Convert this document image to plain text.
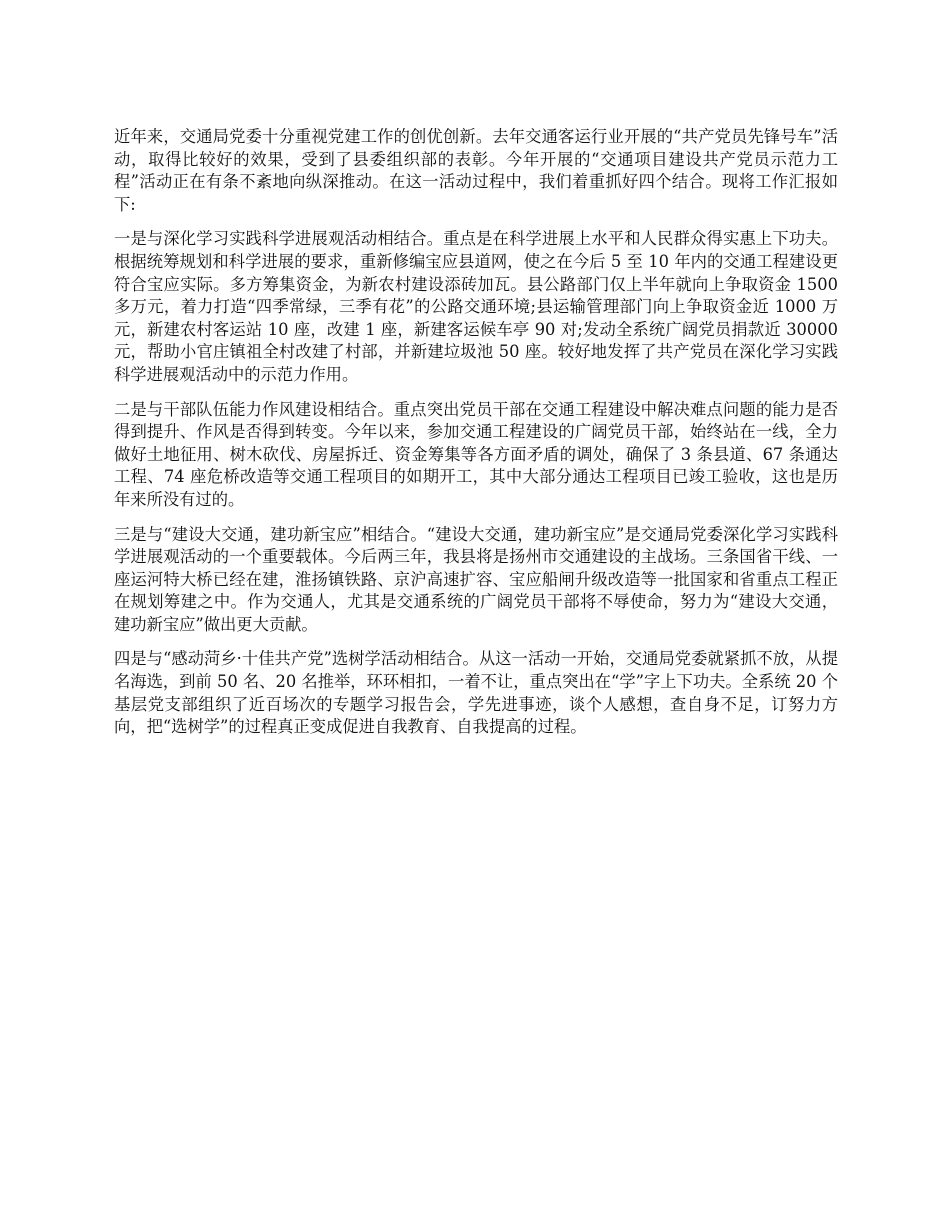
近年来，交通局党委十分重视党建工作的创优创新。去年交通客运行业开展的“共产党员先锋号车”活动，取得比较好的效果，受到了县委组织部的表彰。今年开展的“交通项目建设共产党员示范力工程”活动正在有条不紊地向纵深推动。在这一活动过程中，我们着重抓好四个结合。现将工作汇报如下:

一是与深化学习实践科学进展观活动相结合。重点是在科学进展上水平和人民群众得实惠上下功夫。根据统筹规划和科学进展的要求，重新修编宝应县道网，使之在今后 5 至 10 年内的交通工程建设更符合宝应实际。多方筹集资金，为新农村建设添砖加瓦。县公路部门仅上半年就向上争取资金 1500 多万元，着力打造“四季常绿，三季有花”的公路交通环境;县运输管理部门向上争取资金近 1000 万元，新建农村客运站 10 座，改建 1 座，新建客运候车亭 90 对;发动全系统广阔党员捐款近 30000 元，帮助小官庄镇祖全村改建了村部，并新建垃圾池 50 座。较好地发挥了共产党员在深化学习实践科学进展观活动中的示范力作用。

二是与干部队伍能力作风建设相结合。重点突出党员干部在交通工程建设中解决难点问题的能力是否得到提升、作风是否得到转变。今年以来，参加交通工程建设的广阔党员干部，始终站在一线，全力做好土地征用、树木砍伐、房屋拆迁、资金筹集等各方面矛盾的调处，确保了 3 条县道、67 条通达工程、74 座危桥改造等交通工程项目的如期开工，其中大部分通达工程项目已竣工验收，这也是历年来所没有过的。

三是与“建设大交通，建功新宝应”相结合。“建设大交通，建功新宝应”是交通局党委深化学习实践科学进展观活动的一个重要载体。今后两三年，我县将是扬州市交通建设的主战场。三条国省干线、一座运河特大桥已经在建，淮扬镇铁路、京沪高速扩容、宝应船闸升级改造等一批国家和省重点工程正在规划筹建之中。作为交通人，尤其是交通系统的广阔党员干部将不辱使命，努力为“建设大交通，建功新宝应”做出更大贡献。

四是与“感动菏乡·十佳共产党”选树学活动相结合。从这一活动一开始，交通局党委就紧抓不放，从提名海选，到前 50 名、20 名推举，环环相扣，一着不让，重点突出在“学”字上下功夫。全系统 20 个基层党支部组织了近百场次的专题学习报告会，学先进事迹，谈个人感想，查自身不足，订努力方向，把“选树学”的过程真正变成促进自我教育、自我提高的过程。
